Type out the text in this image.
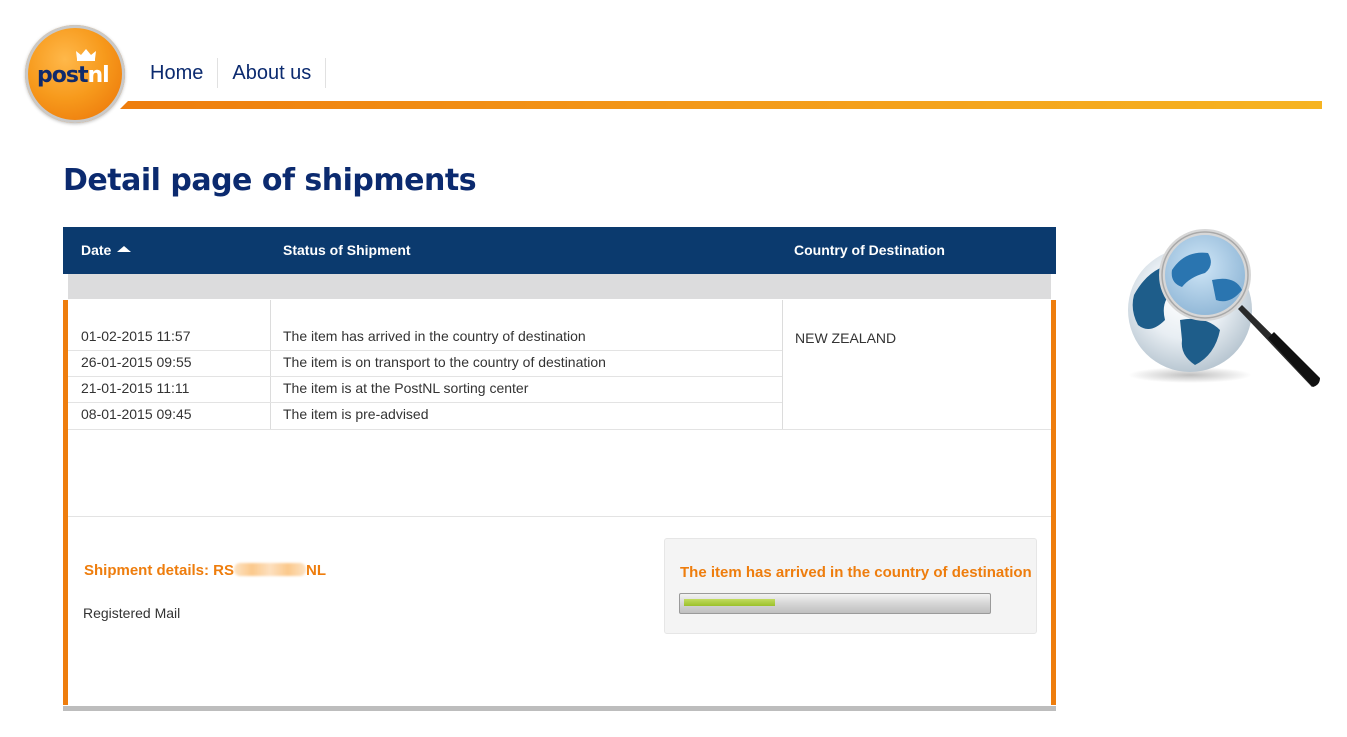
postnl	Home	About us
Detail page of shipments
Date	Status of Shipment	Country of Destination
01-02-2015 11:57	The item has arrived in the country of destination
26-01-2015 09:55	The item is on transport to the country of destination
21-01-2015 11:11	The item is at the PostNL sorting center
08-01-2015 09:45	The item is pre-advised
NEW ZEALAND
Shipment details: RS	NL
Registered Mail
The item has arrived in the country of destination
